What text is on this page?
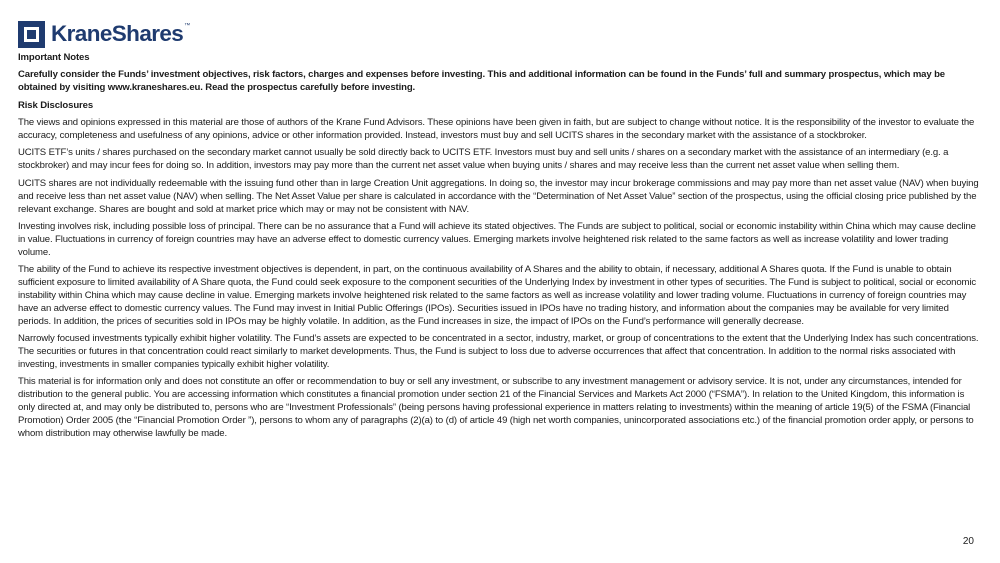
KraneShares ™

Important Notes

Carefully consider the Funds’ investment objectives, risk factors, charges and expenses before investing. This and additional information can be found in the Funds’ full and summary prospectus, which may be obtained by visiting www.kraneshares.eu. Read the prospectus carefully before investing.

Risk Disclosures

The views and opinions expressed in this material are those of authors of the Krane Fund Advisors. These opinions have been given in faith, but are subject to change without notice. It is the responsibility of the investor to evaluate the accuracy, completeness and usefulness of any opinions, advice or other information provided. Instead, investors must buy and sell UCITS shares in the secondary market with the assistance of a stockbroker.

UCITS ETF’s units / shares purchased on the secondary market cannot usually be sold directly back to UCITS ETF. Investors must buy and sell units / shares on a secondary market with the assistance of an intermediary (e.g. a stockbroker) and may incur fees for doing so. In addition, investors may pay more than the current net asset value when buying units / shares and may receive less than the current net asset value when selling them.

UCITS shares are not individually redeemable with the issuing fund other than in large Creation Unit aggregations. In doing so, the investor may incur brokerage commissions and may pay more than net asset value (NAV) when buying and receive less than net asset value (NAV) when selling. The Net Asset Value per share is calculated in accordance with the “Determination of Net Asset Value” section of the prospectus, using the official closing price published by the relevant exchange. Shares are bought and sold at market price which may or may not be consistent with NAV.

Investing involves risk, including possible loss of principal. There can be no assurance that a Fund will achieve its stated objectives. The Funds are subject to political, social or economic instability within China which may cause decline in value. Fluctuations in currency of foreign countries may have an adverse effect to domestic currency values. Emerging markets involve heightened risk related to the same factors as well as increase volatility and lower trading volume.

The ability of the Fund to achieve its respective investment objectives is dependent, in part, on the continuous availability of A Shares and the ability to obtain, if necessary, additional A Shares quota. If the Fund is unable to obtain sufficient exposure to limited availability of A Share quota, the Fund could seek exposure to the component securities of the Underlying Index by investment in other types of securities. The Fund is subject to political, social or economic instability within China which may cause decline in value. Emerging markets involve heightened risk related to the same factors as well as increase volatility and lower trading volume. Fluctuations in currency of foreign countries may have an adverse effect to domestic currency values. The Fund may invest in Initial Public Offerings (IPOs). Securities issued in IPOs have no trading history, and information about the companies may be available for very limited periods. In addition, the prices of securities sold in IPOs may be highly volatile. In addition, as the Fund increases in size, the impact of IPOs on the Fund’s performance will generally decrease.

Narrowly focused investments typically exhibit higher volatility. The Fund’s assets are expected to be concentrated in a sector, industry, market, or group of concentrations to the extent that the Underlying Index has such concentrations. The securities or futures in that concentration could react similarly to market developments. Thus, the Fund is subject to loss due to adverse occurrences that affect that concentration. In addition to the normal risks associated with investing, investments in smaller companies typically exhibit higher volatility.

This material is for information only and does not constitute an offer or recommendation to buy or sell any investment, or subscribe to any investment management or advisory service. It is not, under any circumstances, intended for distribution to the general public. You are accessing information which constitutes a financial promotion under section 21 of the Financial Services and Markets Act 2000 (“FSMA”). In relation to the United Kingdom, this information is only directed at, and may only be distributed to, persons who are “Investment Professionals” (being persons having professional experience in matters relating to investments) within the meaning of article 19(5) of the FSMA (Financial Promotion) Order 2005 (the “Financial Promotion Order ”), persons to whom any of paragraphs (2)(a) to (d) of article 49 (high net worth companies, unincorporated associations etc.) of the financial promotion order apply, or persons to whom distribution may otherwise lawfully be made.

20
